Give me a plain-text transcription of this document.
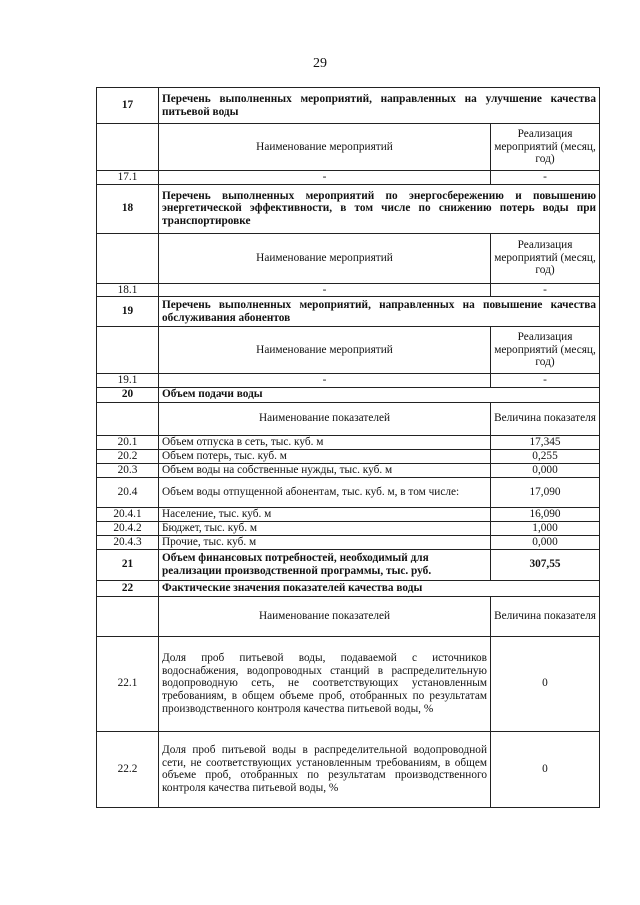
29
17	Перечень выполненных мероприятий, направленных на улучшение качества питьевой воды	
	Наименование мероприятий	Реализация мероприятий (месяц, год)
17.1	-	-
18	Перечень выполненных мероприятий по энергосбережению и повышению энергетической эффективности, в том числе по снижению потерь воды при транспортировке	
	Наименование мероприятий	Реализация мероприятий (месяц, год)
18.1	-	-
19	Перечень выполненных мероприятий, направленных на повышение качества обслуживания абонентов	
	Наименование мероприятий	Реализация мероприятий (месяц, год)
19.1	-	-
20	Объем подачи воды	
	Наименование показателей	Величина показателя
20.1	Объем отпуска в сеть, тыс. куб. м	17,345
20.2	Объем потерь, тыс. куб. м	0,255
20.3	Объем воды на собственные нужды, тыс. куб. м	0,000
20.4	Объем воды отпущенной абонентам, тыс. куб. м, в том числе:	17,090
20.4.1	Население, тыс. куб. м	16,090
20.4.2	Бюджет, тыс. куб. м	1,000
20.4.3	Прочие, тыс. куб. м	0,000
21	Объем финансовых потребностей, необходимый для реализации производственной программы, тыс. руб.	307,55
22	Фактические значения показателей качества воды	
	Наименование показателей	Величина показателя
22.1	Доля проб питьевой воды, подаваемой с источников водоснабжения, водопроводных станций в распределительную водопроводную сеть, не соответствующих установленным требованиям, в общем объеме проб, отобранных по результатам производственного контроля качества питьевой воды, %	0
22.2	Доля проб питьевой воды в распределительной водопроводной сети, не соответствующих установленным требованиям, в общем объеме проб, отобранных по результатам производственного контроля качества питьевой воды, %	0
